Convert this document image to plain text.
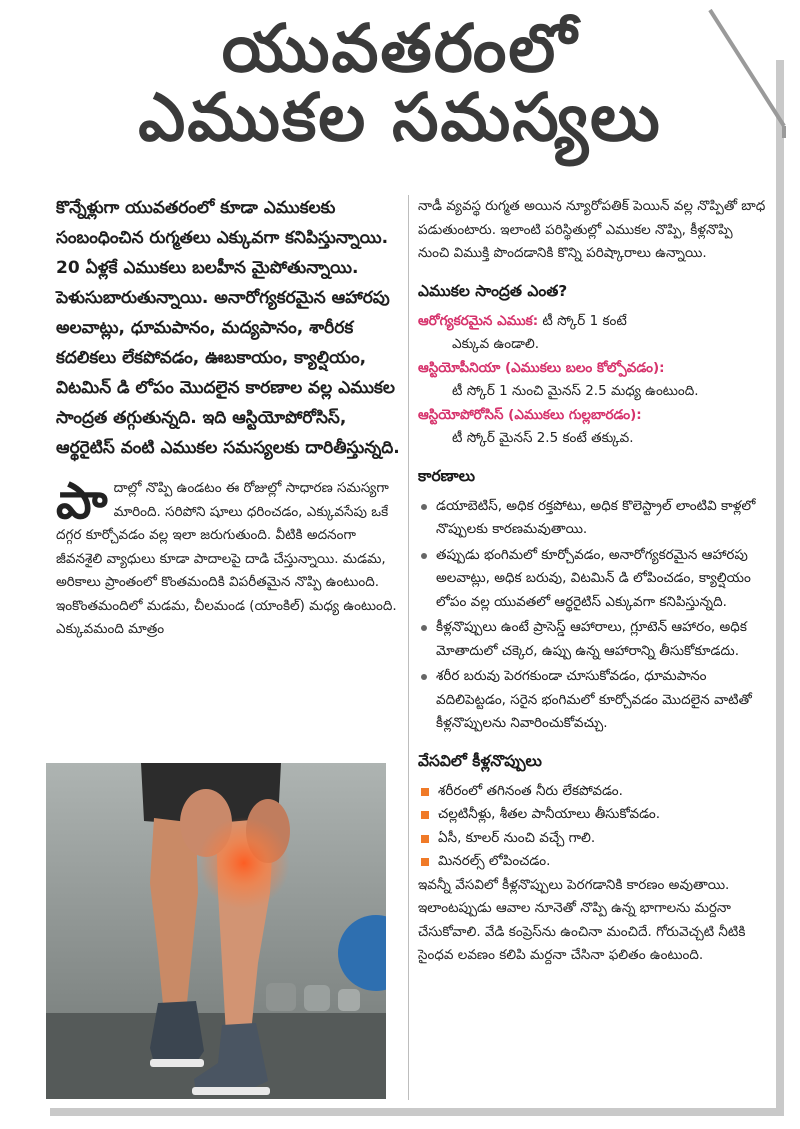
యువతరంలో
ఎముకల సమస్యలు

కొన్నేళ్లుగా యువతరంలో కూడా ఎముకలకు సంబంధించిన రుగ్మతలు ఎక్కువగా కనిపిస్తున్నాయి. 20 ఏళ్లకే ఎముకలు బలహీన మైపోతున్నాయి. పెళుసుబారుతున్నాయి. అనారోగ్యకరమైన ఆహారపు అలవాట్లు, ధూమపానం, మద్యపానం, శారీరక కదలికలు లేకపోవడం, ఊబకాయం, క్యాల్షియం, విటమిన్ డి లోపం మొదలైన కారణాల వల్ల ఎముకల సాంద్రత తగ్గుతున్నది. ఇది ఆస్టియోపోరోసిస్, ఆర్థరైటిస్ వంటి ఎముకల సమస్యలకు దారితీస్తున్నది.

పా దాల్లో నొప్పి ఉండటం ఈ రోజుల్లో సాధారణ సమస్యగా మారింది. సరిపోని షూలు ధరించడం, ఎక్కువసేపు ఒకే దగ్గర కూర్చోవడం వల్ల ఇలా జరుగుతుంది. వీటికి అదనంగా జీవనశైలి వ్యాధులు కూడా పాదాలపై దాడి చేస్తున్నాయి. మడమ, అరికాలు ప్రాంతంలో కొంతమందికి విపరీతమైన నొప్పి ఉంటుంది. ఇంకొంతమందిలో మడమ, చీలమండ (యాంకిల్) మధ్య ఉంటుంది. ఎక్కువమంది మాత్రం

నాడీ వ్యవస్థ రుగ్మత అయిన న్యూరోపతిక్ పెయిన్ వల్ల నొప్పితో బాధ పడుతుంటారు. ఇలాంటి పరిస్థితుల్లో ఎముకల నొప్పి, కీళ్లనొప్పి నుంచి విముక్తి పొందడానికి కొన్ని పరిష్కారాలు ఉన్నాయి.

ఎముకల సాంద్రత ఎంత?
ఆరోగ్యకరమైన ఎముక: టీ స్కోర్ 1 కంటే
ఎక్కువ ఉండాలి.
ఆస్టియోపీనియా (ఎముకలు బలం కోల్పోవడం):
టీ స్కోర్ 1 నుంచి మైనస్ 2.5 మధ్య ఉంటుంది.
ఆస్టియోపోరోసిస్ (ఎముకలు గుల్లబారడం):
టీ స్కోర్ మైనస్ 2.5 కంటే తక్కువ.
కారణాలు
డయాబెటిస్, అధిక రక్తపోటు, అధిక కొలెస్ట్రాల్ లాంటివి కాళ్లలో నొప్పులకు కారణమవుతాయి.
తప్పుడు భంగిమలో కూర్చోవడం, అనారోగ్యకరమైన ఆహారపు అలవాట్లు, అధిక బరువు, విటమిన్ డి లోపించడం, క్యాల్షియం లోపం వల్ల యువతలో ఆర్థరైటిస్ ఎక్కువగా కనిపిస్తున్నది.
కీళ్లనొప్పులు ఉంటే ప్రాసెస్డ్ ఆహారాలు, గ్లూటెన్ ఆహారం, అధిక మోతాదులో చక్కెర, ఉప్పు ఉన్న ఆహారాన్ని తీసుకోకూడదు.
శరీర బరువు పెరగకుండా చూసుకోవడం, ధూమపానం వదిలిపెట్టడం, సరైన భంగిమలో కూర్చోవడం మొదలైన వాటితో కీళ్లనొప్పులను నివారించుకోవచ్చు.
వేసవిలో కీళ్లనొప్పులు
శరీరంలో తగినంత నీరు లేకపోవడం.
చల్లటినీళ్లు, శీతల పానీయాలు తీసుకోవడం.
ఏసీ, కూలర్ నుంచి వచ్చే గాలి.
మినరల్స్ లోపించడం.

ఇవన్నీ వేసవిలో కీళ్లనొప్పులు పెరగడానికి కారణం అవుతాయి. ఇలాంటప్పుడు ఆవాల నూనెతో నొప్పి ఉన్న భాగాలను మర్దనా చేసుకోవాలి. వేడి కంప్రెస్‌ను ఉంచినా మంచిదే. గోరువెచ్చటి నీటికి సైంధవ లవణం కలిపి మర్దనా చేసినా ఫలితం ఉంటుంది.
